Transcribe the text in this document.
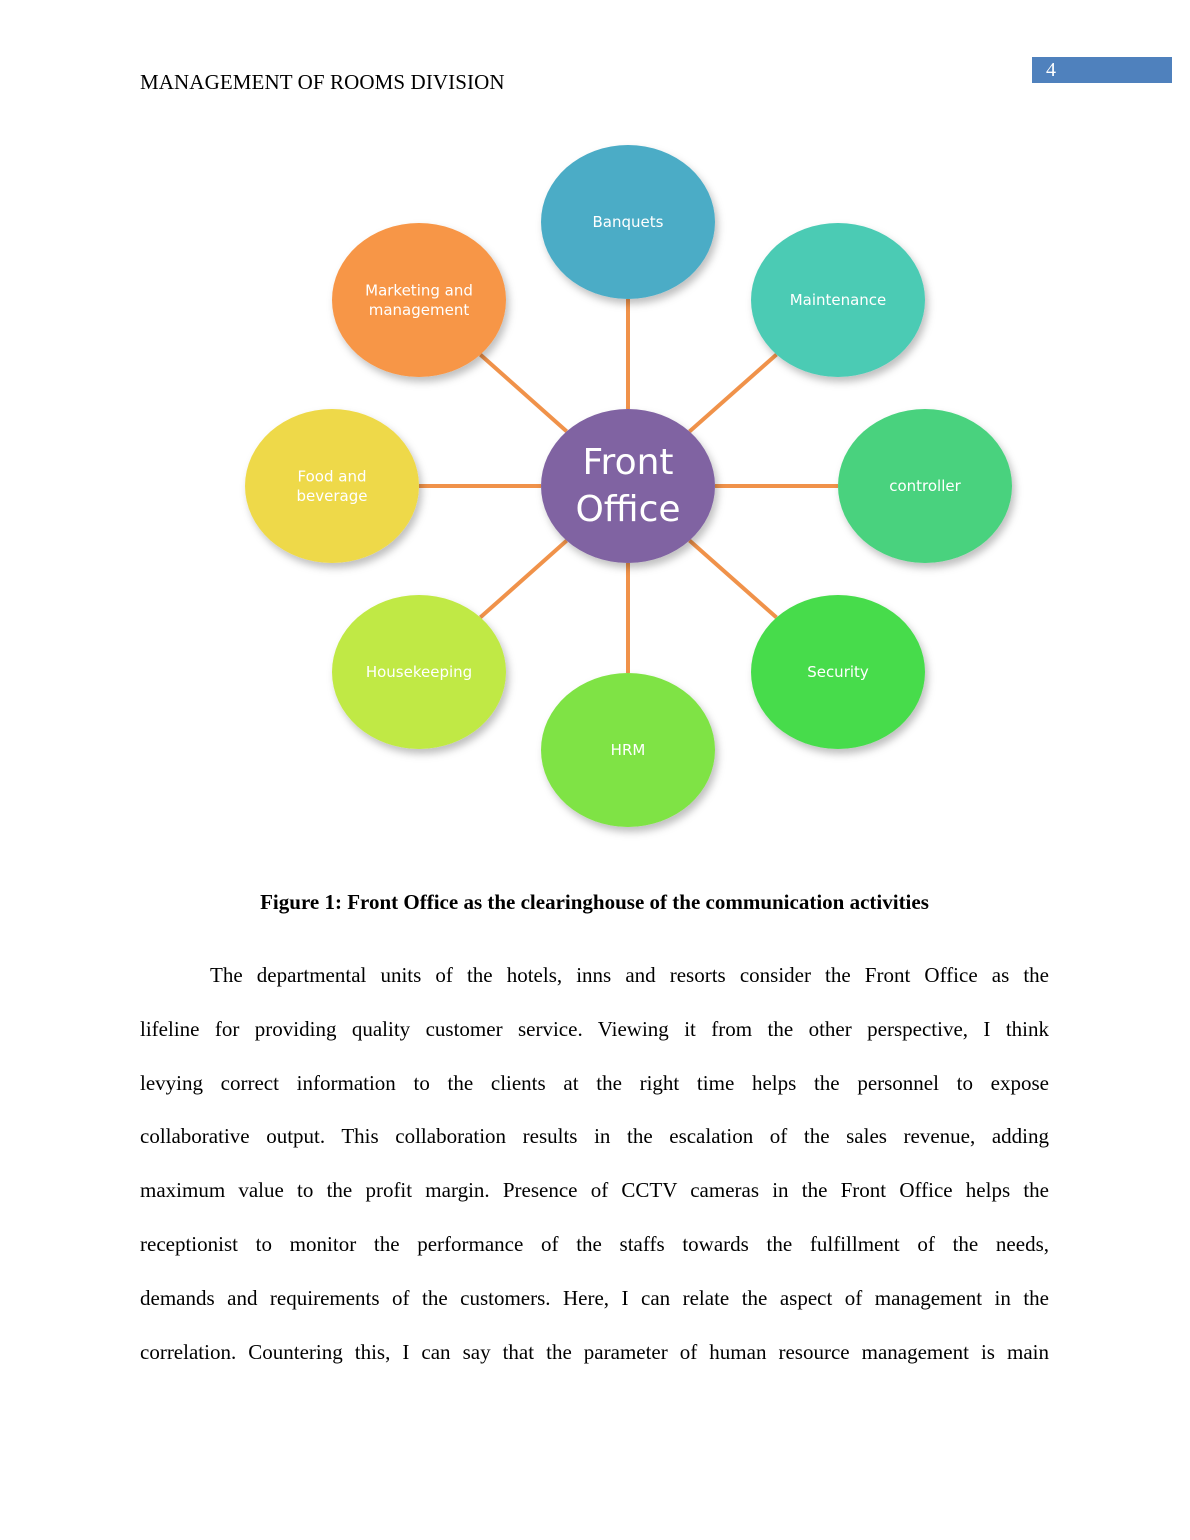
4
MANAGEMENT OF ROOMS DIVISION
Banquets
Maintenance
controller
Security
HRM
Housekeeping
Food and
beverage
Marketing and
management
Front
Office
Figure 1: Front Office as the clearinghouse of the communication activities

The departmental units of the hotels, inns and resorts consider the Front Office as the
lifeline for providing quality customer service. Viewing it from the other perspective, I think
levying correct information to the clients at the right time helps the personnel to expose
collaborative output. This collaboration results in the escalation of the sales revenue, adding
maximum value to the profit margin. Presence of CCTV cameras in the Front Office helps the
receptionist to monitor the performance of the staffs towards the fulfillment of the needs,
demands and requirements of the customers. Here, I can relate the aspect of management in the
correlation. Countering this, I can say that the parameter of human resource management is main
